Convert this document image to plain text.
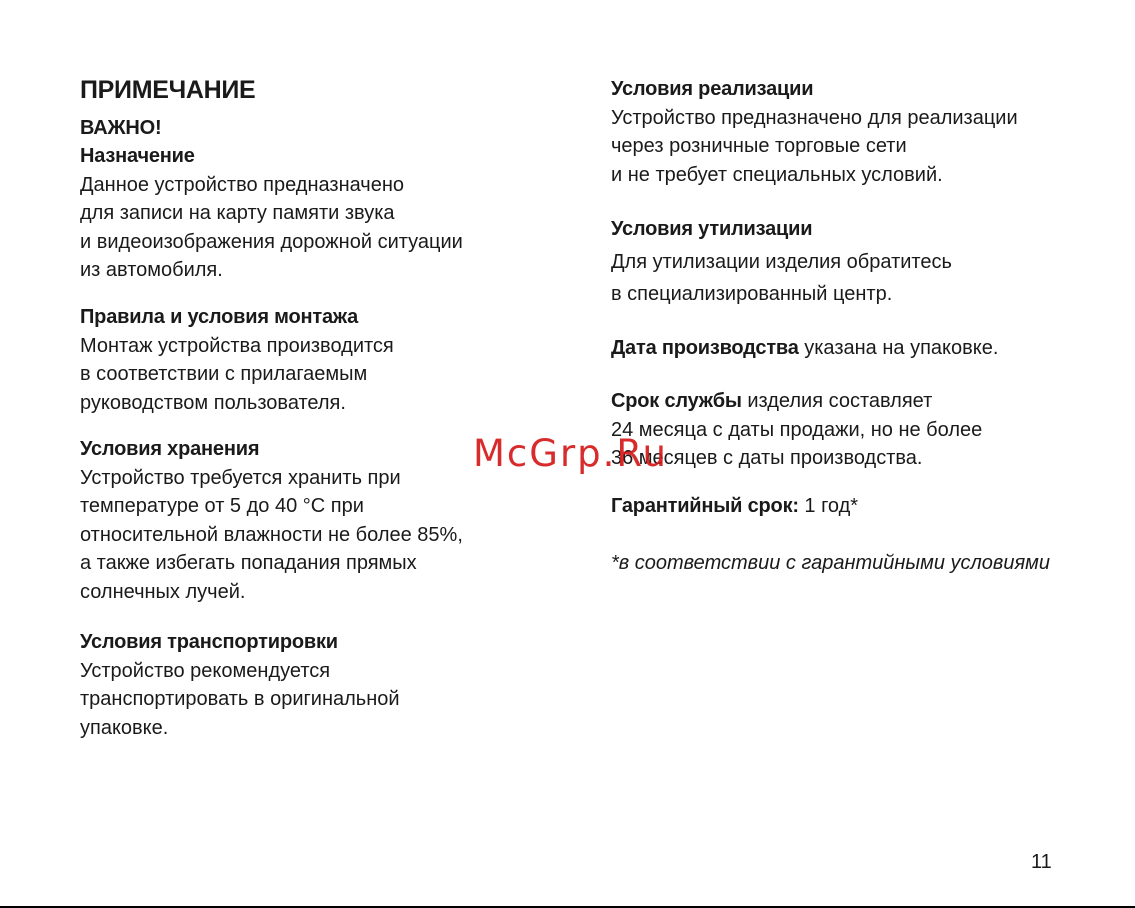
ПРИМЕЧАНИЕ

ВАЖНО!

Назначение
Данное устройство предназначено
для записи на карту памяти звука
и видеоизображения дорожной ситуации
из автомобиля.
Правила и условия монтажа
Монтаж устройства производится
в соответствии с прилагаемым
руководством пользователя.
Условия хранения
Устройство требуется хранить при
температуре от 5 до 40 °С при
относительной влажности не более 85%,
а также избегать попадания прямых
солнечных лучей.
Условия транспортировки
Устройство рекомендуется
транспортировать в оригинальной
упаковке.
Условия реализации
Устройство предназначено для реализации
через розничные торговые сети
и не требует специальных условий.
Условия утилизации
Для утилизации изделия обратитесь
в специализированный центр.

Дата производства указана на упаковке.

Срок службы изделия составляет
24 месяца с даты продажи, но не более
36 месяцев с даты производства.

Гарантийный срок: 1 год*

*в соответствии с гарантийными условиями

McGrp.Ru
11
